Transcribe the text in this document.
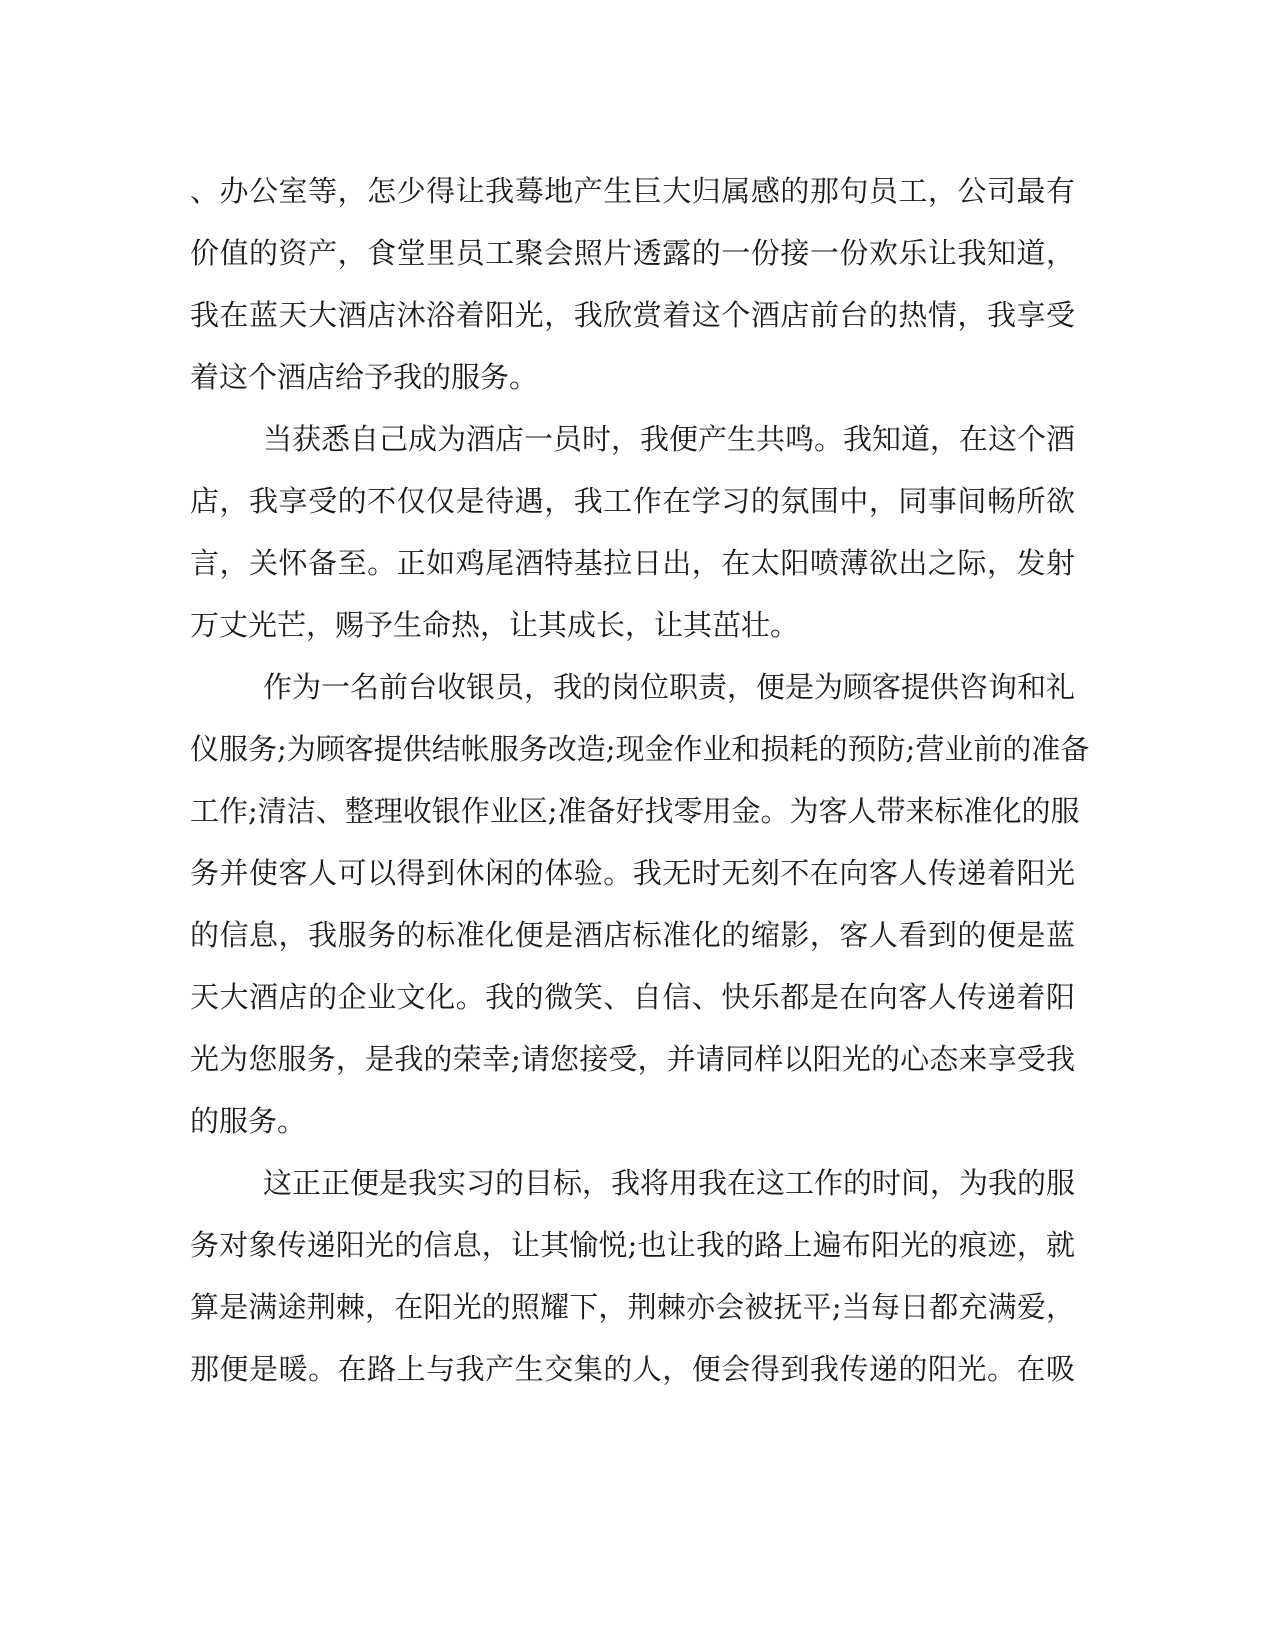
、办公室等，怎少得让我蓦地产生巨大归属感的那句员工，公司最有
价值的资产，食堂里员工聚会照片透露的一份接一份欢乐让我知道，
我在蓝天大酒店沐浴着阳光，我欣赏着这个酒店前台的热情，我享受
着这个酒店给予我的服务。
当获悉自己成为酒店一员时，我便产生共鸣。我知道，在这个酒
店，我享受的不仅仅是待遇，我工作在学习的氛围中，同事间畅所欲
言，关怀备至。正如鸡尾酒特基拉日出，在太阳喷薄欲出之际，发射
万丈光芒，赐予生命热，让其成长，让其茁壮。
作为一名前台收银员，我的岗位职责，便是为顾客提供咨询和礼
仪服务;为顾客提供结帐服务改造;现金作业和损耗的预防;营业前的准备
工作;清洁、整理收银作业区;准备好找零用金。为客人带来标准化的服
务并使客人可以得到休闲的体验。我无时无刻不在向客人传递着阳光
的信息，我服务的标准化便是酒店标准化的缩影，客人看到的便是蓝
天大酒店的企业文化。我的微笑、自信、快乐都是在向客人传递着阳
光为您服务，是我的荣幸;请您接受，并请同样以阳光的心态来享受我
的服务。
这正正便是我实习的目标，我将用我在这工作的时间，为我的服
务对象传递阳光的信息，让其愉悦;也让我的路上遍布阳光的痕迹，就
算是满途荆棘，在阳光的照耀下，荆棘亦会被抚平;当每日都充满爱，
那便是暖。在路上与我产生交集的人，便会得到我传递的阳光。在吸
